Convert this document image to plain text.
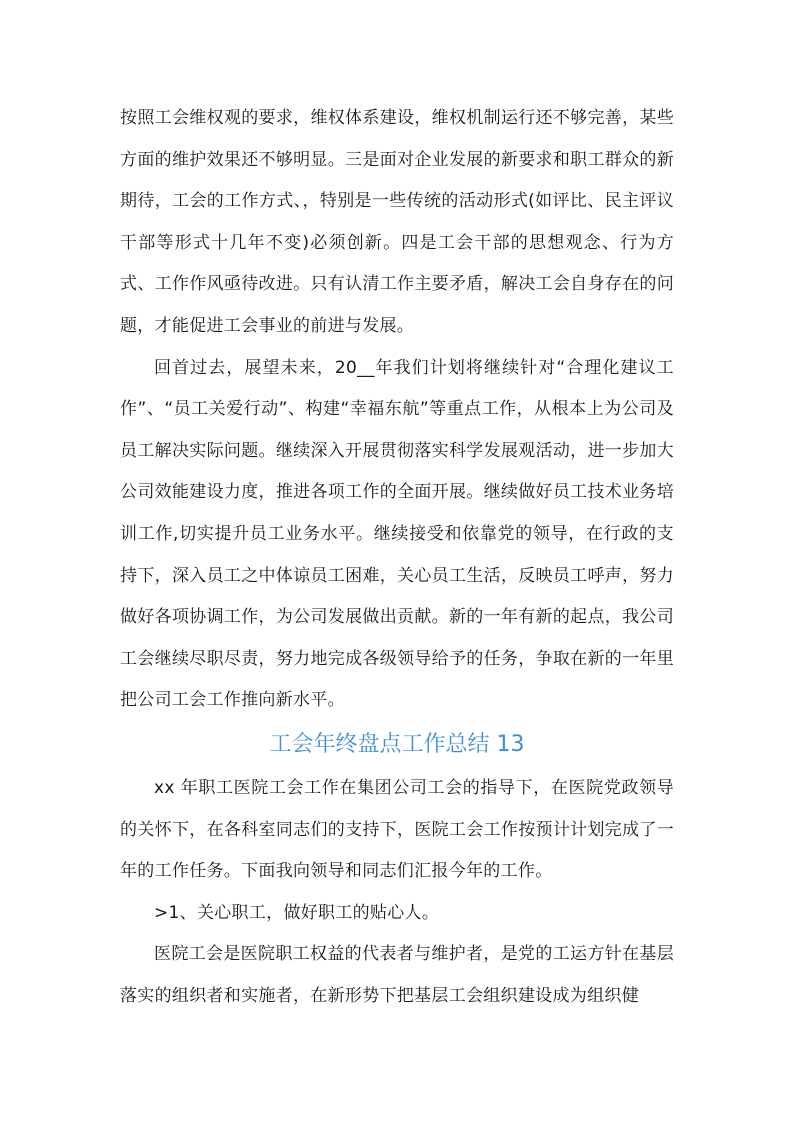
按照工会维权观的要求，维权体系建设，维权机制运行还不够完善，某些方面的维护效果还不够明显。三是面对企业发展的新要求和职工群众的新期待，工会的工作方式、，特别是一些传统的活动形式(如评比、民主评议干部等形式十几年不变)必须创新。四是工会干部的思想观念、行为方式、工作作风亟待改进。只有认清工作主要矛盾，解决工会自身存在的问题，才能促进工会事业的前进与发展。

回首过去，展望未来，20__年我们计划将继续针对“合理化建议工作”、“员工关爱行动”、构建“幸福东航”等重点工作，从根本上为公司及员工解决实际问题。继续深入开展贯彻落实科学发展观活动，进一步加大公司效能建设力度，推进各项工作的全面开展。继续做好员工技术业务培训工作,切实提升员工业务水平。继续接受和依靠党的领导，在行政的支持下，深入员工之中体谅员工困难，关心员工生活，反映员工呼声，努力做好各项协调工作，为公司发展做出贡献。新的一年有新的起点，我公司工会继续尽职尽责，努力地完成各级领导给予的任务，争取在新的一年里把公司工会工作推向新水平。

工会年终盘点工作总结 13

xx 年职工医院工会工作在集团公司工会的指导下，在医院党政领导的关怀下，在各科室同志们的支持下，医院工会工作按预计计划完成了一年的工作任务。下面我向领导和同志们汇报今年的工作。

>1、关心职工，做好职工的贴心人。

医院工会是医院职工权益的代表者与维护者，是党的工运方针在基层落实的组织者和实施者，在新形势下把基层工会组织建设成为组织健
